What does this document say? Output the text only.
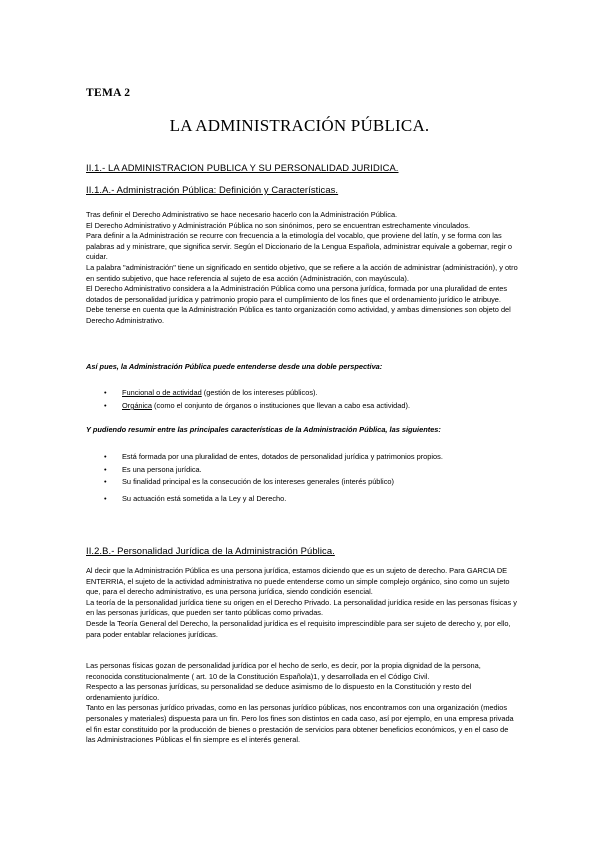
TEMA 2
LA ADMINISTRACIÓN PÚBLICA.
II.1.- LA ADMINISTRACION PUBLICA Y SU PERSONALIDAD JURIDICA.
II.1.A.- Administración Pública: Definición y Características.

Tras definir el Derecho Administrativo se hace necesario hacerlo con la Administración Pública.

El Derecho Administrativo y Administración Pública no son sinónimos, pero se encuentran estrechamente vinculados.

Para definir a la Administración se recurre con frecuencia a la etimología del vocablo, que proviene del latín, y se forma con las palabras ad y ministrare, que significa servir. Según el Diccionario de la Lengua Española, administrar equivale a gobernar, regir o cuidar.

La palabra "administración" tiene un significado en sentido objetivo, que se refiere a la acción de administrar (administración), y otro en sentido subjetivo, que hace referencia al sujeto de esa acción (Administración, con mayúscula).

El Derecho Administrativo considera a la Administración Pública como una persona jurídica, formada por una pluralidad de entes dotados de personalidad jurídica y patrimonio propio para el cumplimiento de los fines que el ordenamiento jurídico le atribuye.

Debe tenerse en cuenta que la Administración Pública es tanto organización como actividad, y ambas dimensiones son objeto del Derecho Administrativo.

Así pues, la Administración Pública puede entenderse desde una doble perspectiva:
• Funcional o de actividad (gestión de los intereses públicos).
• Orgánica (como el conjunto de órganos o instituciones que llevan a cabo esa actividad).
Y pudiendo resumir entre las principales características de la Administración Pública, las siguientes:
• Está formada por una pluralidad de entes, dotados de personalidad jurídica y patrimonios propios.
• Es una persona jurídica.
• Su finalidad principal es la consecución de los intereses generales (interés público)
• Su actuación está sometida a la Ley y al Derecho.
II.2.B.- Personalidad Jurídica de la Administración Pública.

Al decir que la Administración Pública es una persona jurídica, estamos diciendo que es un sujeto de derecho. Para GARCIA DE ENTERRIA, el sujeto de la actividad administrativa no puede entenderse como un simple complejo orgánico, sino como un sujeto que, para el derecho administrativo, es una persona jurídica, siendo condición esencial.

La teoría de la personalidad jurídica tiene su origen en el Derecho Privado. La personalidad jurídica reside en las personas físicas y en las personas jurídicas, que pueden ser tanto públicas como privadas.

Desde la Teoría General del Derecho, la personalidad jurídica es el requisito imprescindible para ser sujeto de derecho y, por ello, para poder entablar relaciones jurídicas.

Las personas físicas gozan de personalidad jurídica por el hecho de serlo, es decir, por la propia dignidad de la persona, reconocida constitucionalmente ( art. 10 de la Constitución Española)1, y desarrollada en el Código Civil.

Respecto a las personas jurídicas, su personalidad se deduce asimismo de lo dispuesto en la Constitución y resto del ordenamiento jurídico.

Tanto en las personas jurídico privadas, como en las personas jurídico públicas, nos encontramos con una organización (medios personales y materiales) dispuesta para un fin. Pero los fines son distintos en cada caso, así por ejemplo, en una empresa privada el fin estar constituido por la producción de bienes o prestación de servicios para obtener beneficios económicos, y en el caso de las Administraciones Públicas el fin siempre es el interés general.
